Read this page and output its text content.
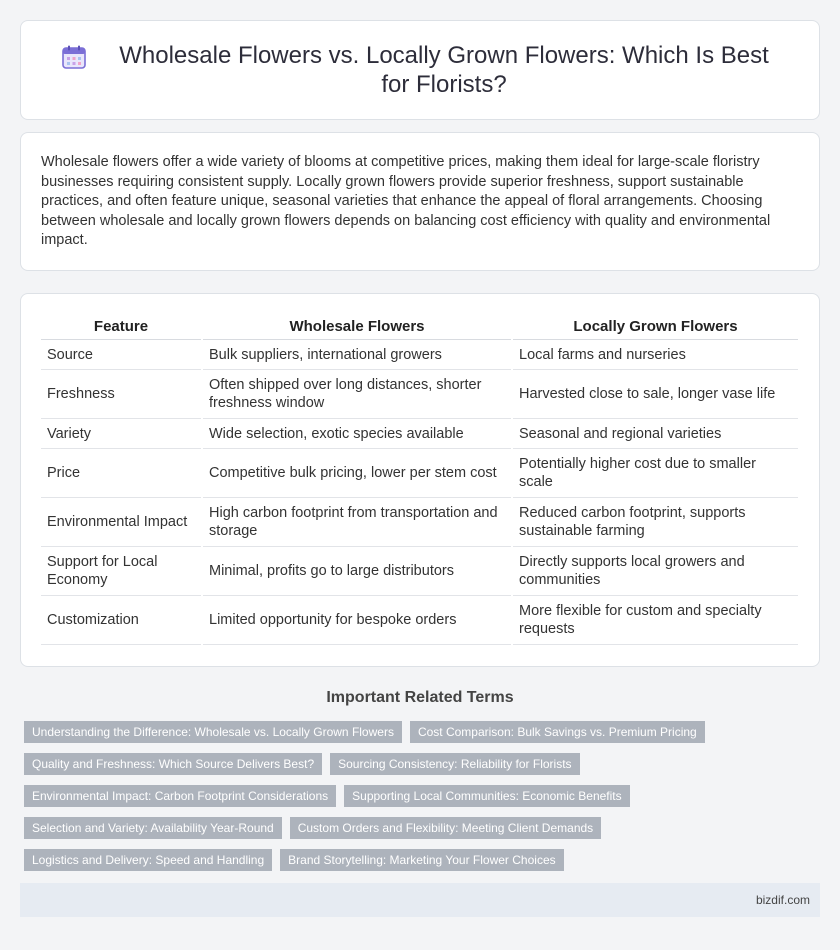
Wholesale Flowers vs. Locally Grown Flowers: Which Is Best for Florists?

Wholesale flowers offer a wide variety of blooms at competitive prices, making them ideal for large-scale floristry businesses requiring consistent supply. Locally grown flowers provide superior freshness, support sustainable practices, and often feature unique, seasonal varieties that enhance the appeal of floral arrangements. Choosing between wholesale and locally grown flowers depends on balancing cost efficiency with quality and environmental impact.

Feature	Wholesale Flowers	Locally Grown Flowers
Source	Bulk suppliers, international growers	Local farms and nurseries
Freshness	Often shipped over long distances, shorter freshness window	Harvested close to sale, longer vase life
Variety	Wide selection, exotic species available	Seasonal and regional varieties
Price	Competitive bulk pricing, lower per stem cost	Potentially higher cost due to smaller scale
Environmental Impact	High carbon footprint from transportation and storage	Reduced carbon footprint, supports sustainable farming
Support for Local Economy	Minimal, profits go to large distributors	Directly supports local growers and communities
Customization	Limited opportunity for bespoke orders	More flexible for custom and specialty requests
Important Related Terms
Understanding the Difference: Wholesale vs. Locally Grown Flowers	Cost Comparison: Bulk Savings vs. Premium Pricing
Quality and Freshness: Which Source Delivers Best?	Sourcing Consistency: Reliability for Florists
Environmental Impact: Carbon Footprint Considerations	Supporting Local Communities: Economic Benefits
Selection and Variety: Availability Year-Round	Custom Orders and Flexibility: Meeting Client Demands
Logistics and Delivery: Speed and Handling	Brand Storytelling: Marketing Your Flower Choices
bizdif.com
